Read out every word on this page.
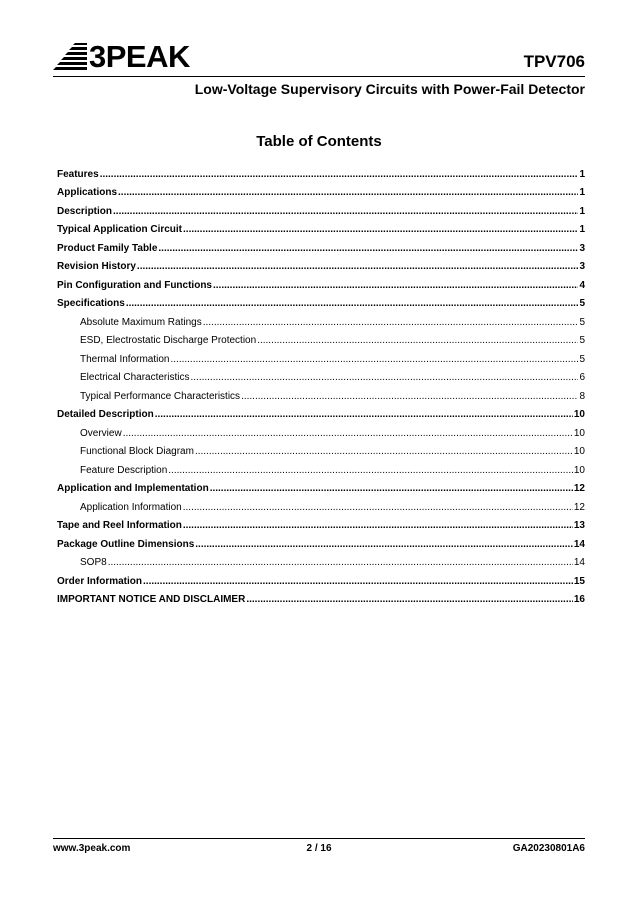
3PEAK	TPV706
Low-Voltage Supervisory Circuits with Power-Fail Detector
Table of Contents
Features .....	1
Applications .....	1
Description .....	1
Typical Application Circuit .....	1
Product Family Table .....	3
Revision History .....	3
Pin Configuration and Functions .....	4
Specifications .....	5
Absolute Maximum Ratings .....	5
ESD, Electrostatic Discharge Protection .....	5
Thermal Information .....	5
Electrical Characteristics .....	6
Typical Performance Characteristics .....	8
Detailed Description .....	10
Overview .....	10
Functional Block Diagram .....	10
Feature Description .....	10
Application and Implementation .....	12
Application Information .....	12
Tape and Reel Information .....	13
Package Outline Dimensions .....	14
SOP8 .....	14
Order Information .....	15
IMPORTANT NOTICE AND DISCLAIMER .....	16
www.3peak.com	2 / 16	GA20230801A6
